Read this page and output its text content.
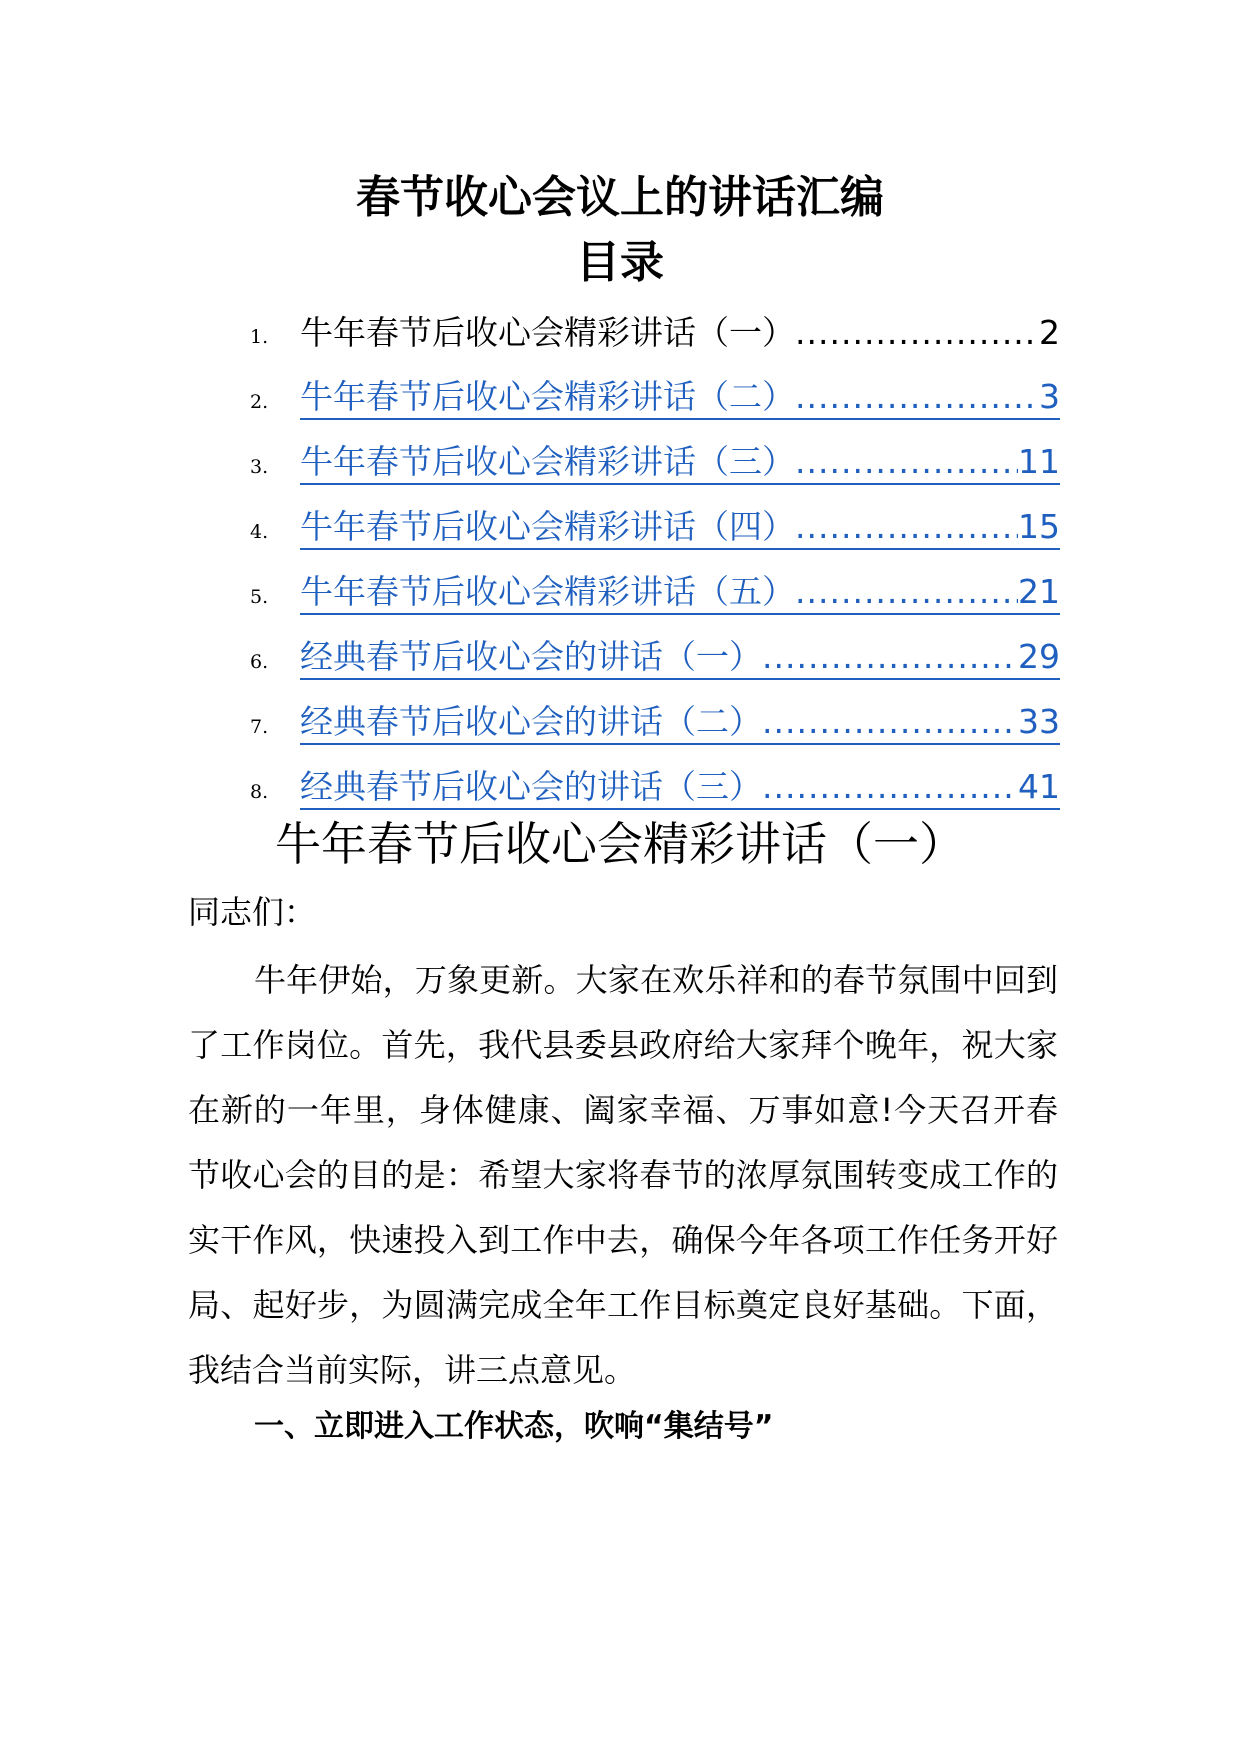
春节收心会议上的讲话汇编
目录
1. 牛年春节后收心会精彩讲话（一） .....	2
2. 牛年春节后收心会精彩讲话（二） .....	3
3. 牛年春节后收心会精彩讲话（三） .....	11
4. 牛年春节后收心会精彩讲话（四） .....	15
5. 牛年春节后收心会精彩讲话（五） .....	21
6. 经典春节后收心会的讲话（一） .....	29
7. 经典春节后收心会的讲话（二） .....	33
8. 经典春节后收心会的讲话（三） .....	41
牛年春节后收心会精彩讲话（一）

同志们：

牛年伊始，万象更新。大家在欢乐祥和的春节氛围中回到了工作岗位。首先，我代县委县政府给大家拜个晚年，祝大家在新的一年里，身体健康、阖家幸福、万事如意!今天召开春节收心会的目的是：希望大家将春节的浓厚氛围转变成工作的实干作风，快速投入到工作中去，确保今年各项工作任务开好局、起好步，为圆满完成全年工作目标奠定良好基础。下面，我结合当前实际，讲三点意见。

一、立即进入工作状态，吹响“集结号”
